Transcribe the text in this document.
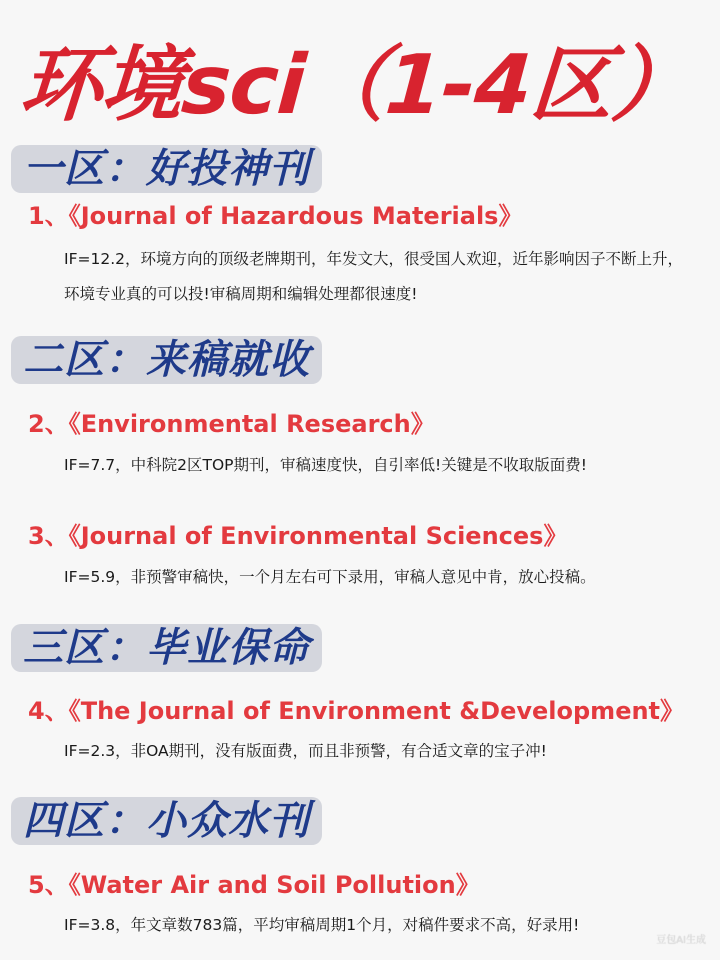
环境sci（1-4区）
一区：好投神刊

1、《Journal of Hazardous Materials》

IF=12.2，环境方向的顶级老牌期刊，年发文大，很受国人欢迎，近年影响因子不断上升，环境专业真的可以投!审稿周期和编辑处理都很速度!

二区：来稿就收

2、《Environmental Research》

IF=7.7，中科院2区TOP期刊，审稿速度快，自引率低!关键是不收取版面费!

3、《Journal of Environmental Sciences》

IF=5.9，非预警审稿快，一个月左右可下录用，审稿人意见中肯，放心投稿。

三区：毕业保命

4、《The Journal of Environment &Development》

IF=2.3，非OA期刊，没有版面费，而且非预警，有合适文章的宝子冲!

四区：小众水刊

5、《Water Air and Soil Pollution》

IF=3.8，年文章数783篇，平均审稿周期1个月，对稿件要求不高，好录用!

豆包AI生成
